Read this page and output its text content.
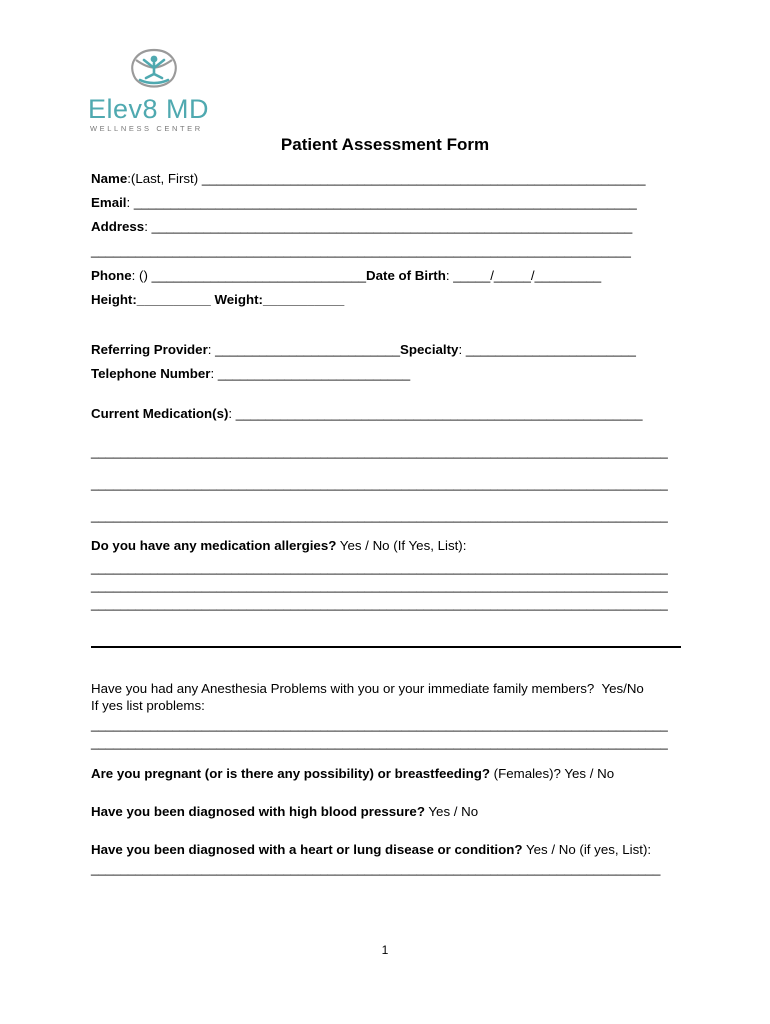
Elev8 MD
WELLNESS CENTER
Patient Assessment Form
Name:(Last, First) ____________________________________________________________
Email: ____________________________________________________________________
Address: _________________________________________________________________
_________________________________________________________________________
Phone: () _____________________________Date of Birth: _____/_____/_________
Height:__________ Weight:___________
Referring Provider: _________________________Specialty: _______________________
Telephone Number: __________________________
Current Medication(s): _______________________________________________________
______________________________________________________________________________
______________________________________________________________________________
______________________________________________________________________________
Do you have any medication allergies? Yes / No (If Yes, List):
______________________________________________________________________________
______________________________________________________________________________
______________________________________________________________________________
Have you had any Anesthesia Problems with you or your immediate family members?  Yes/No
If yes list problems:
______________________________________________________________________________
______________________________________________________________________________
Are you pregnant (or is there any possibility) or breastfeeding? (Females)? Yes / No
Have you been diagnosed with high blood pressure? Yes / No
Have you been diagnosed with a heart or lung disease or condition? Yes / No (if yes, List):
_____________________________________________________________________________
1
